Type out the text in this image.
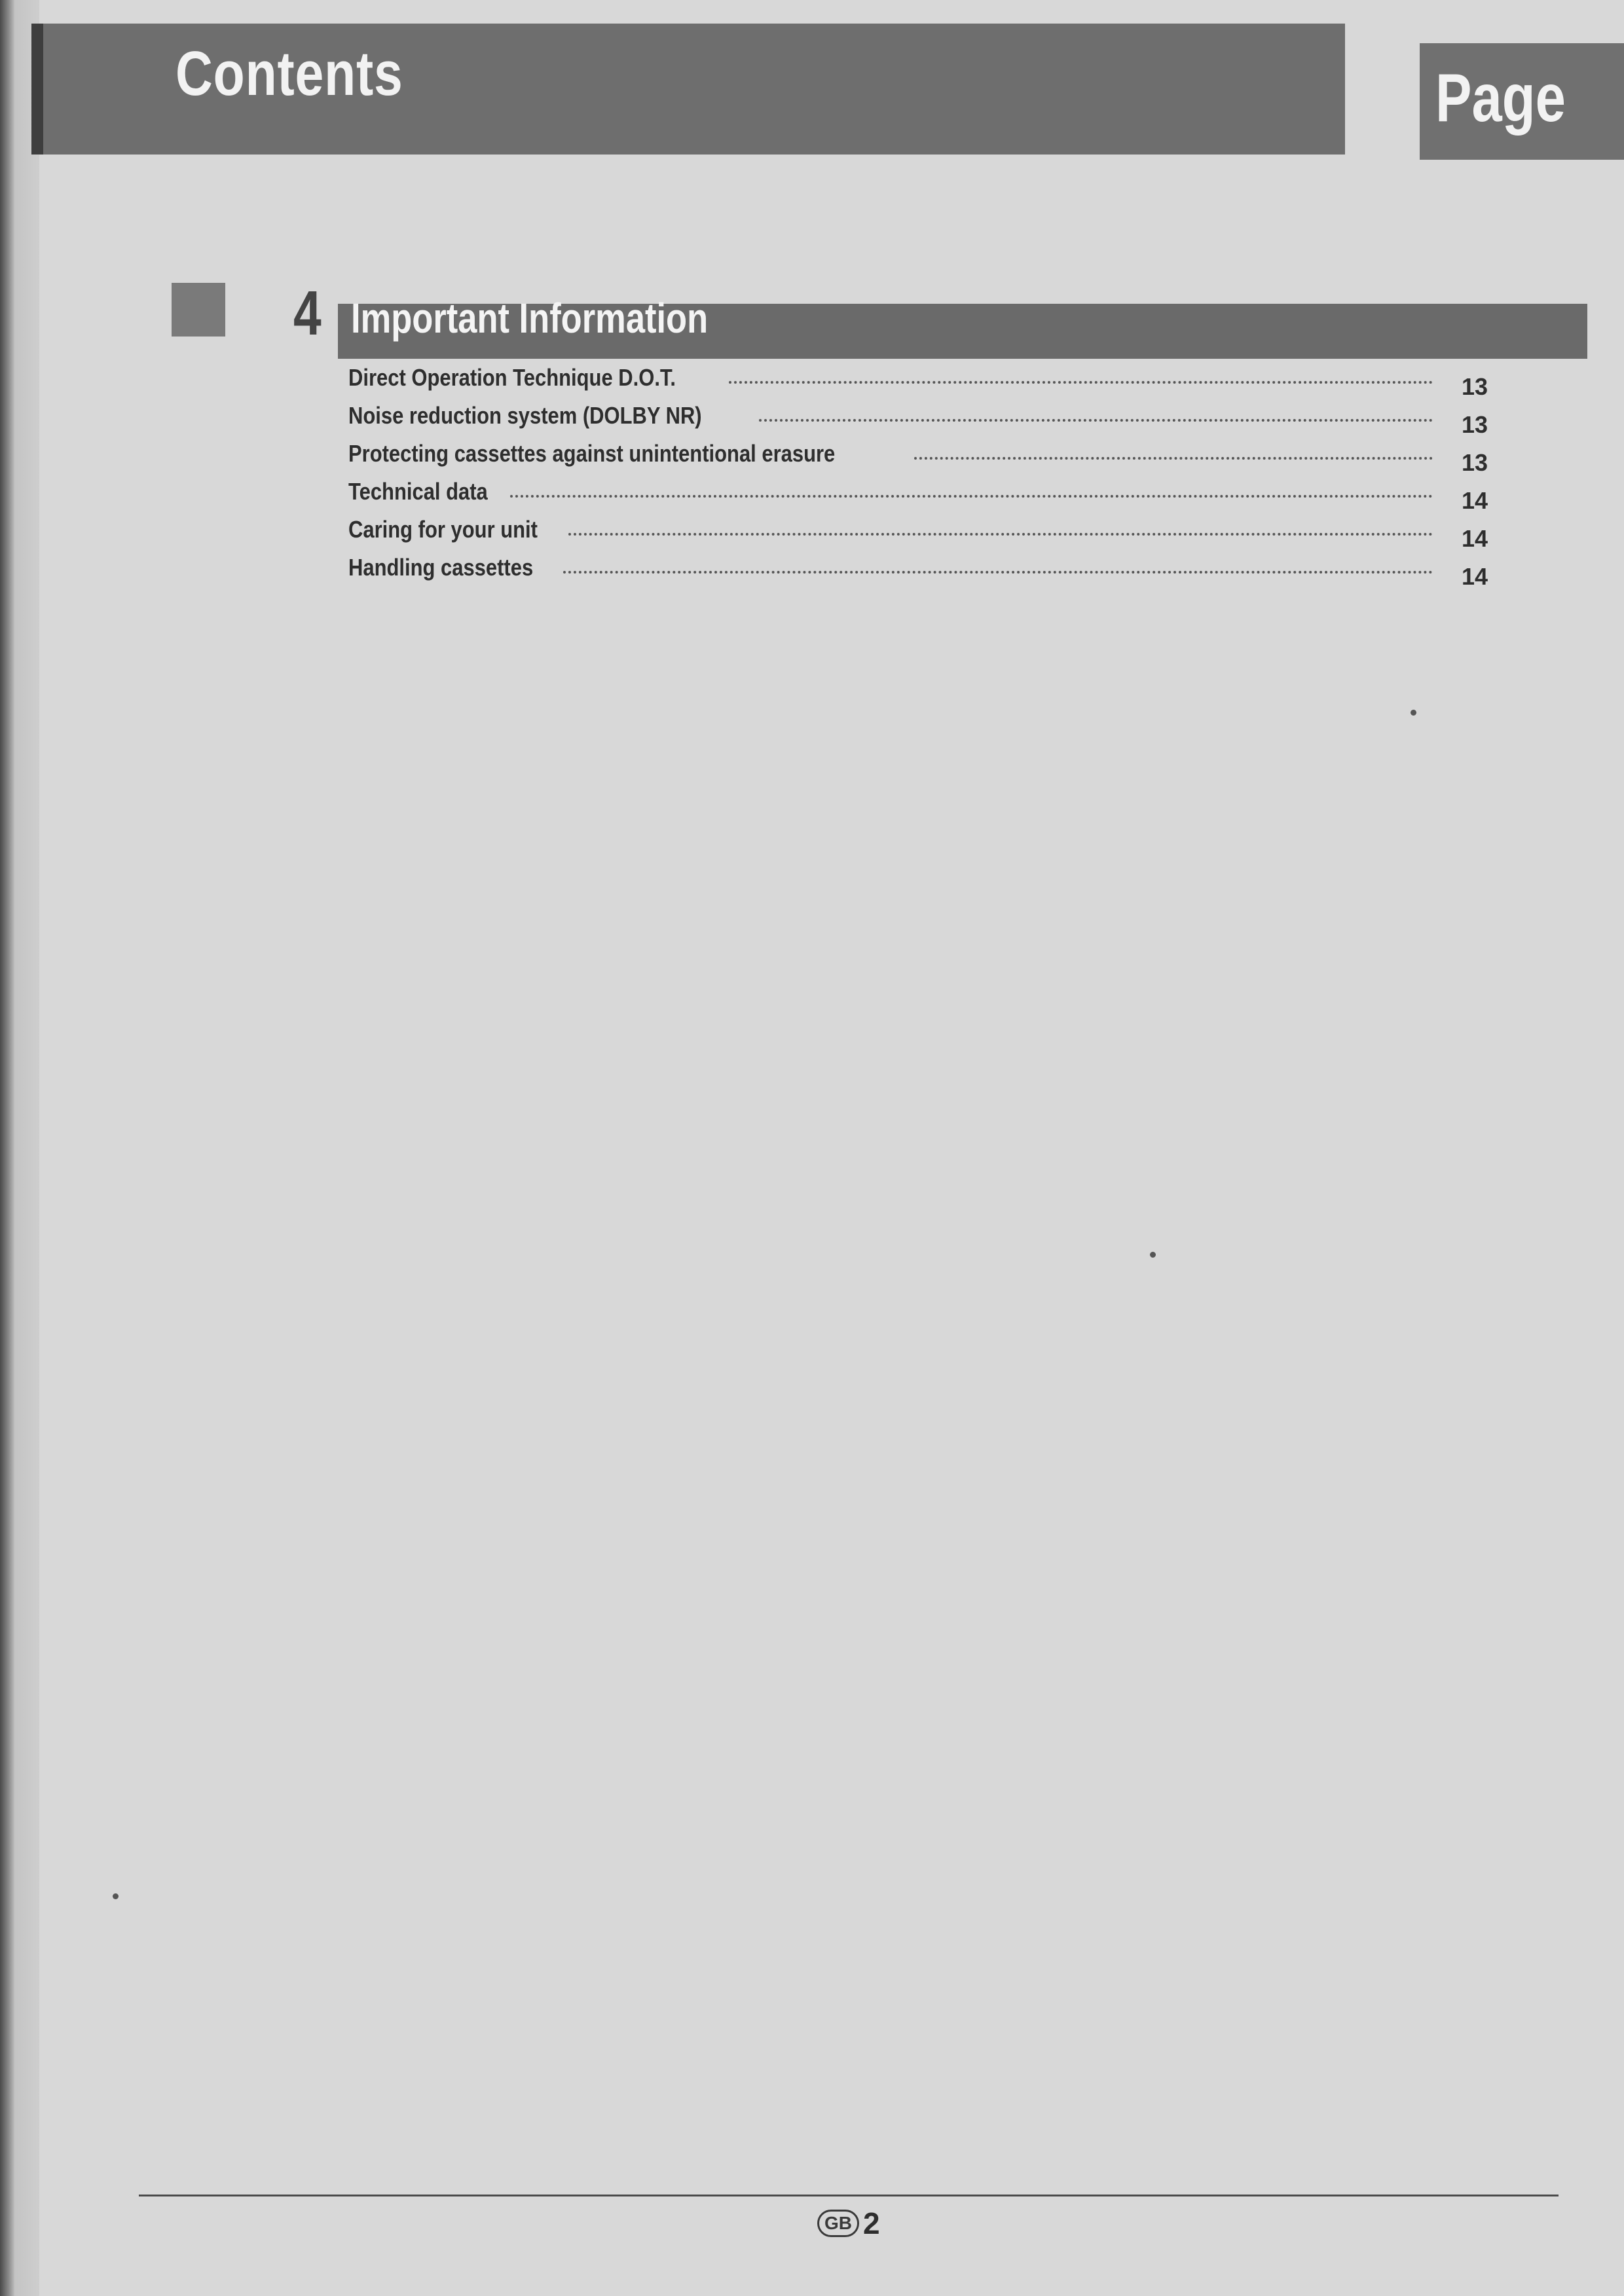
Contents	Page
4 Important Information
Direct Operation Technique D.O.T.	13
Noise reduction system (DOLBY NR)	13
Protecting cassettes against unintentional erasure	13
Technical data	14
Caring for your unit	14
Handling cassettes	14
GB 2
